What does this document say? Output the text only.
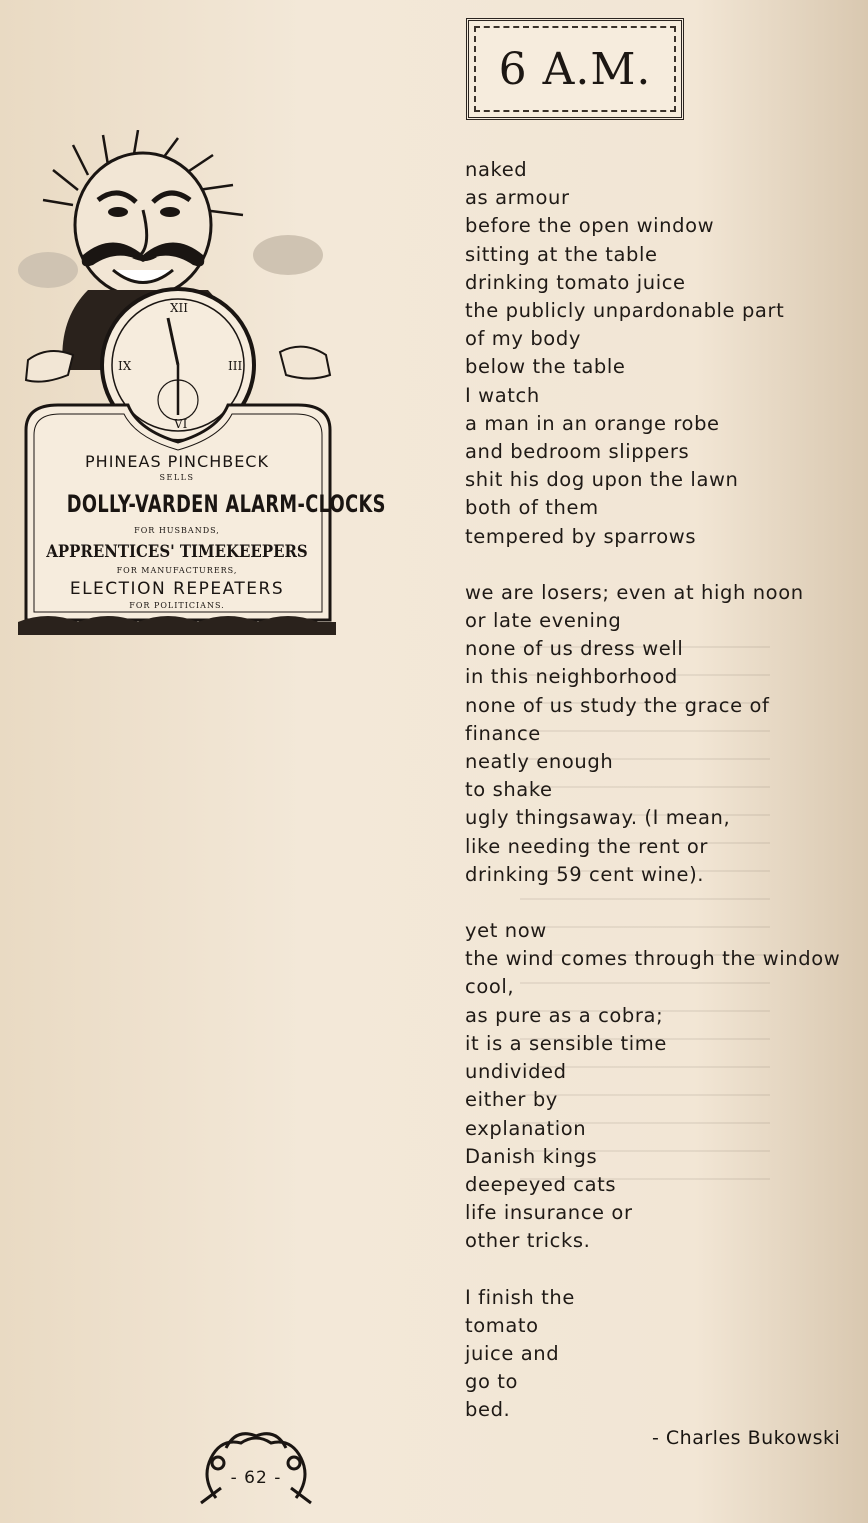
6 A.M.
XII
III
VI
IX
PHINEAS PINCHBECK
SELLS
DOLLY-VARDEN ALARM-CLOCKS
FOR HUSBANDS,
APPRENTICES' TIMEKEEPERS
FOR MANUFACTURERS,
ELECTION REPEATERS
FOR POLITICIANS.
naked
as armour
before the open window
sitting at the table
drinking tomato juice
the publicly unpardonable part
of my body
below the table
I watch
a man in an orange robe
and bedroom slippers
shit his dog upon the lawn
both of them
tempered by sparrows
we are losers; even at high noon
or late evening
none of us dress well
in this neighborhood
none of us study the grace of
finance
neatly enough
to shake
ugly thingsaway. (I mean,
like needing the rent or
drinking 59 cent wine).
yet now
the wind comes through the window
cool,
as pure as a cobra;
it is a sensible time
undivided
either by
explanation
Danish kings
deepeyed cats
life insurance or
other tricks.
I finish the
tomato
juice and
go to
bed.
- Charles Bukowski
- 62 -
